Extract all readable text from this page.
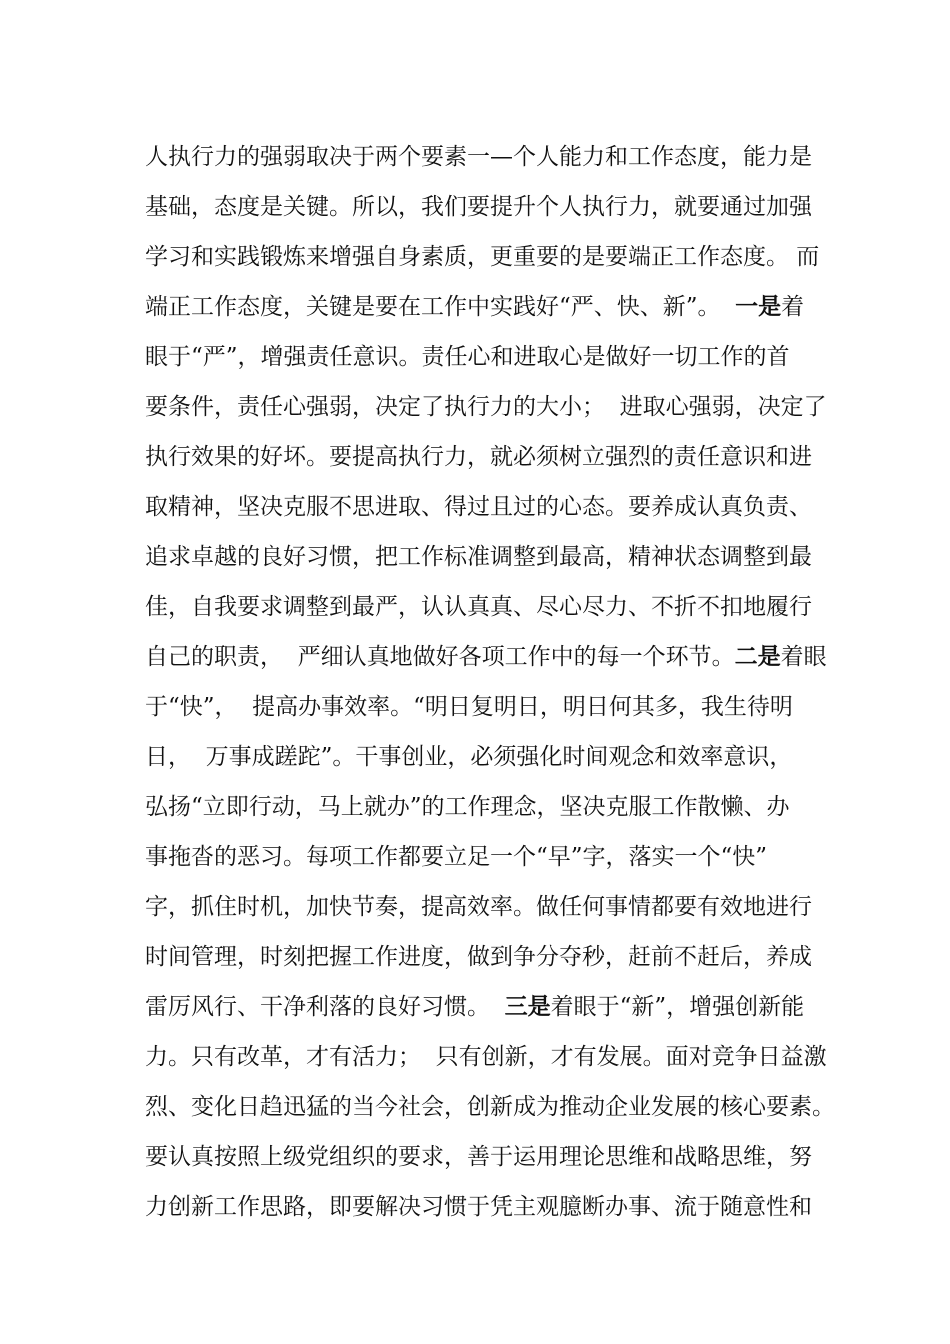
人执行力的强弱取决于两个要素一—个人能力和工作态度，能力是
基础，态度是关键。所以，我们要提升个人执行力，就要通过加强
学习和实践锻炼来增强自身素质，更重要的是要端正工作态度。 而
端正工作态度，关键是要在工作中实践好“严、快、新”。  一是着
眼于“严”，增强责任意识。责任心和进取心是做好一切工作的首
要条件，责任心强弱，决定了执行力的大小；  进取心强弱，决定了
执行效果的好坏。要提高执行力，就必须树立强烈的责任意识和进
取精神，坚决克服不思进取、得过且过的心态。要养成认真负责、
追求卓越的良好习惯，把工作标准调整到最高，精神状态调整到最
佳，自我要求调整到最严，认认真真、尽心尽力、不折不扣地履行
自己的职责，  严细认真地做好各项工作中的每一个环节。二是着眼
于“快”，  提高办事效率。“明日复明日，明日何其多，我生待明
日，  万事成蹉跎”。干事创业，必须强化时间观念和效率意识，
弘扬“立即行动，马上就办”的工作理念，坚决克服工作散懒、办
事拖沓的恶习。每项工作都要立足一个“早”字，落实一个“快”
字，抓住时机，加快节奏，提高效率。做任何事情都要有效地进行
时间管理，时刻把握工作进度，做到争分夺秒，赶前不赶后，养成
雷厉风行、干净利落的良好习惯。  三是着眼于“新”，增强创新能
力。只有改革，才有活力；  只有创新，才有发展。面对竞争日益激
烈、变化日趋迅猛的当今社会，创新成为推动企业发展的核心要素。
要认真按照上级党组织的要求，善于运用理论思维和战略思维，努
力创新工作思路，即要解决习惯于凭主观臆断办事、流于随意性和
